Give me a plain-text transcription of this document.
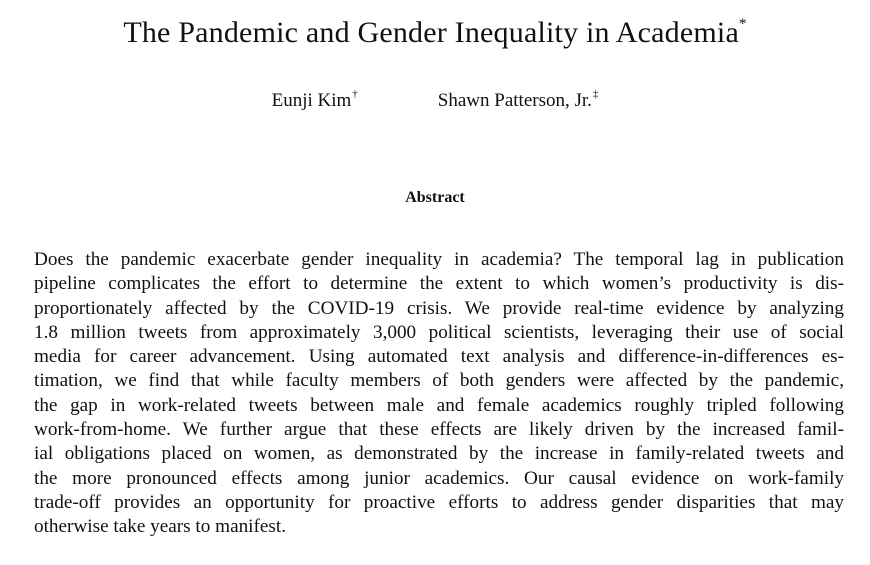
The Pandemic and Gender Inequality in Academia*
Eunji Kim†	Shawn Patterson, Jr.‡
Abstract
Does the pandemic exacerbate gender inequality in academia? The temporal lag in publication
pipeline complicates the effort to determine the extent to which women’s productivity is dis-
proportionately affected by the COVID-19 crisis. We provide real-time evidence by analyzing
1.8 million tweets from approximately 3,000 political scientists, leveraging their use of social
media for career advancement. Using automated text analysis and difference-in-differences es-
timation, we find that while faculty members of both genders were affected by the pandemic,
the gap in work-related tweets between male and female academics roughly tripled following
work-from-home. We further argue that these effects are likely driven by the increased famil-
ial obligations placed on women, as demonstrated by the increase in family-related tweets and
the more pronounced effects among junior academics. Our causal evidence on work-family
trade-off provides an opportunity for proactive efforts to address gender disparities that may
otherwise take years to manifest.
